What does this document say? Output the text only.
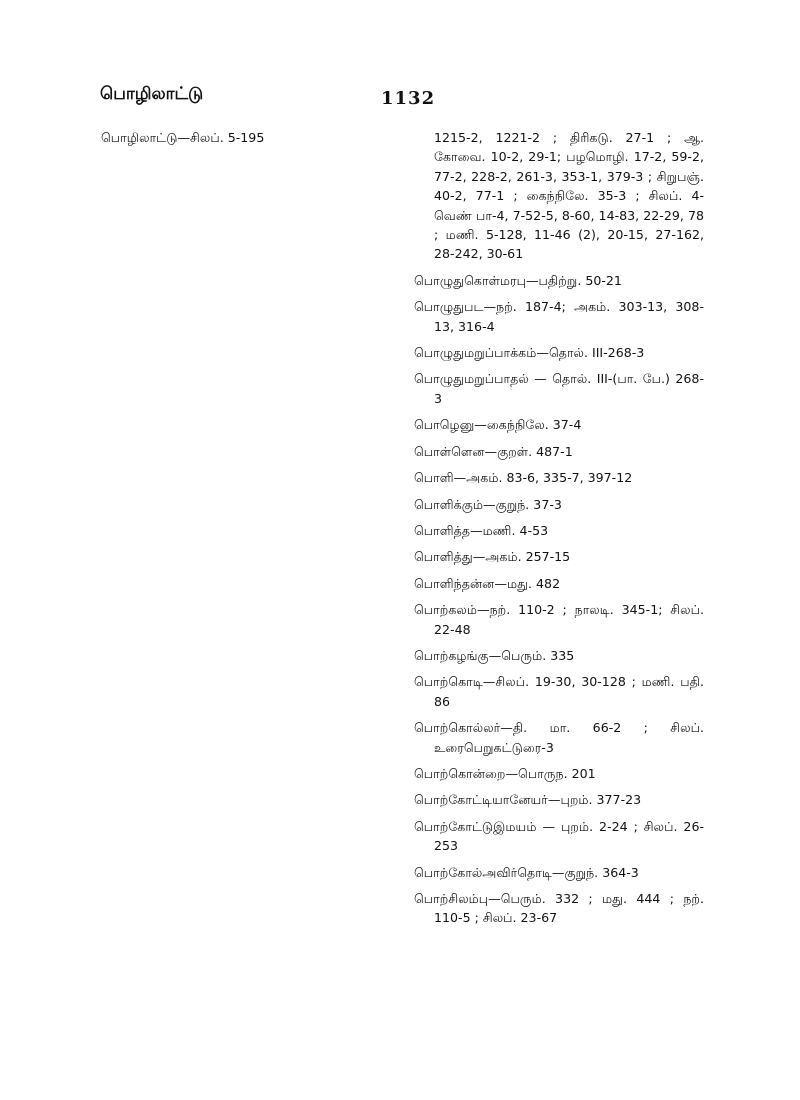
பொழிலாட்டு	1132

பொழிலாட்டு—சிலப். 5-195	1215-2, 1221-2 ; திரிகடு. 27-1 ; ஆ. கோவை. 10-2, 29-1; பழமொழி. 17-2, 59-2, 77-2, 228-2, 261-3, 353-1, 379-3 ; சிறுபஞ். 40-2, 77-1 ; கைந்நிலே. 35-3 ; சிலப். 4-வெண் பா-4, 7-52-5, 8-60, 14-83, 22-29, 78 ; மணி. 5-128, 11-46 (2), 20-15, 27-162, 28-242, 30-61

பொழுதுகொள்மரபு—பதிற்று. 50-21

பொழுதுபட—நற். 187-4; அகம். 303-13, 308-13, 316-4

பொழுதுமறுப்பாக்கம்—தொல். III-268-3

பொழுதுமறுப்பாதல் — தொல். III-(பா. பே.) 268-3

பொழெனு—கைந்நிலே. 37-4

பொள்ளென—குறள். 487-1

பொளி—அகம். 83-6, 335-7, 397-12

பொளிக்கும்—குறுந். 37-3

பொளித்த—மணி. 4-53

பொளித்து—அகம். 257-15

பொளிந்தன்ன—மது. 482

பொற்கலம்—நற். 110-2 ; நாலடி. 345-1; சிலப். 22-48

பொற்கழங்கு—பெரும். 335

பொற்கொடி—சிலப். 19-30, 30-128 ; மணி. பதி. 86

பொற்கொல்லர்—தி. மா. 66-2 ; சிலப். உரைபெறுகட்டுரை-3

பொற்கொன்றை—பொருந. 201

பொற்கோட்டியானேயர்—புறம். 377-23

பொற்கோட்டுஇமயம் — புறம். 2-24 ; சிலப். 26-253

பொற்கோல்அவிர்தொடி—குறுந். 364-3

பொற்சிலம்பு—பெரும். 332 ; மது. 444 ; நற். 110-5 ; சிலப். 23-67
